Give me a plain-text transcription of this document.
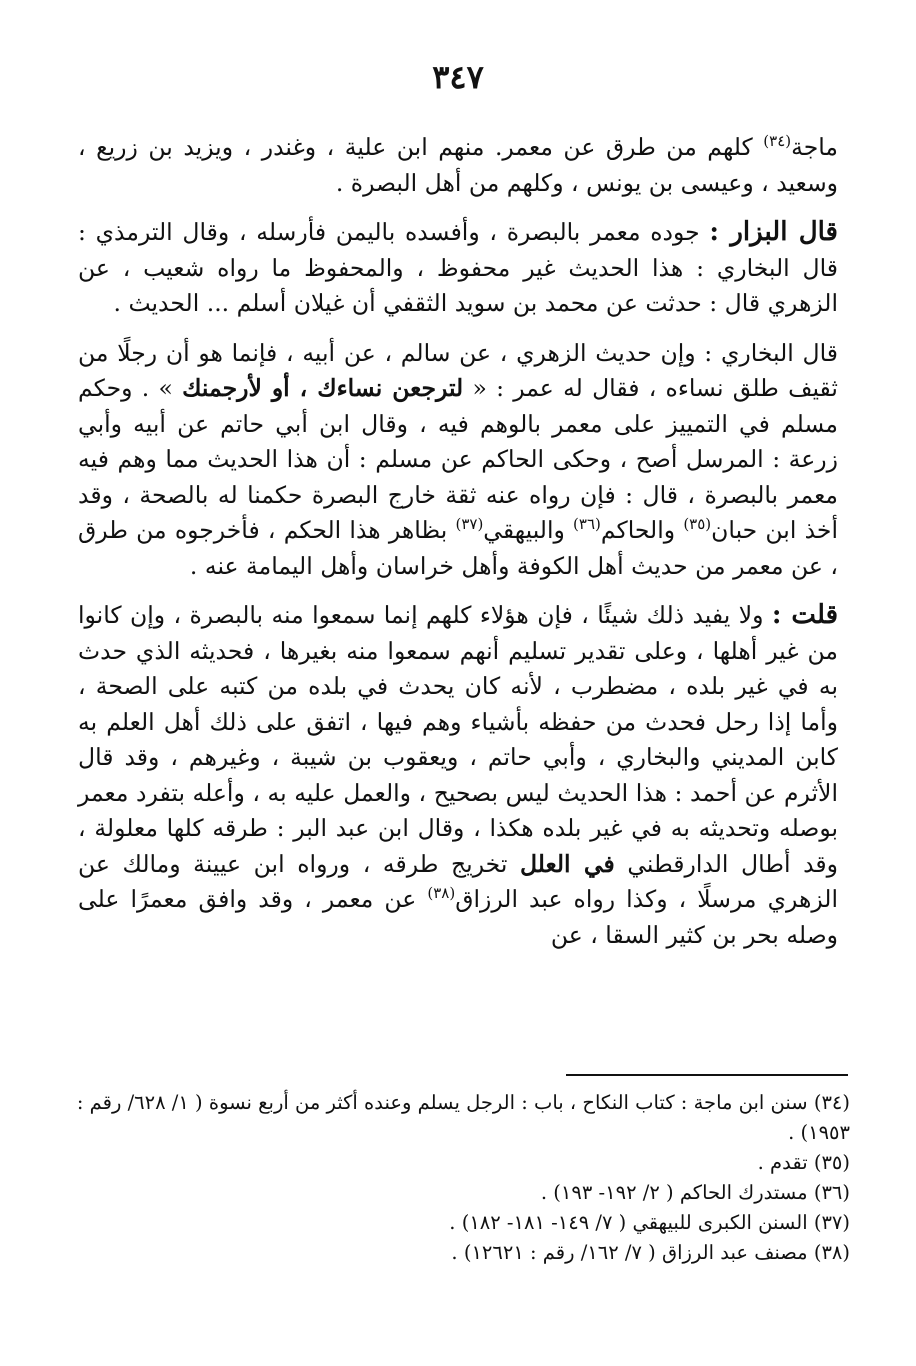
٣٤٧

ماجة$^{(٣٤)}$ كلهم من طرق عن معمر. منهم ابن علية ، وغندر ، ويزيد بن زريع ، وسعيد ، وعيسى بن يونس ، وكلهم من أهل البصرة .

قال البزار : جوده معمر بالبصرة ، وأفسده باليمن فأرسله ، وقال الترمذي : قال البخاري : هذا الحديث غير محفوظ ، والمحفوظ ما رواه شعيب ، عن الزهري قال : حدثت عن محمد بن سويد الثقفي أن غيلان أسلم ... الحديث .

قال البخاري : وإن حديث الزهري ، عن سالم ، عن أبيه ، فإنما هو أن رجلًا من ثقيف طلق نساءه ، فقال له عمر : « لترجعن نساءك ، أو لأرجمنك » . وحكم مسلم في التمييز على معمر بالوهم فيه ، وقال ابن أبي حاتم عن أبيه وأبي زرعة : المرسل أصح ، وحكى الحاكم عن مسلم : أن هذا الحديث مما وهم فيه معمر بالبصرة ، قال : فإن رواه عنه ثقة خارج البصرة حكمنا له بالصحة ، وقد أخذ ابن حبان$^{(٣٥)}$ والحاكم$^{(٣٦)}$ والبيهقي$^{(٣٧)}$ بظاهر هذا الحكم ، فأخرجوه من طرق ، عن معمر من حديث أهل الكوفة وأهل خراسان وأهل اليمامة عنه .

قلت : ولا يفيد ذلك شيئًا ، فإن هؤلاء كلهم إنما سمعوا منه بالبصرة ، وإن كانوا من غير أهلها ، وعلى تقدير تسليم أنهم سمعوا منه بغيرها ، فحديثه الذي حدث به في غير بلده ، مضطرب ، لأنه كان يحدث في بلده من كتبه على الصحة ، وأما إذا رحل فحدث من حفظه بأشياء وهم فيها ، اتفق على ذلك أهل العلم به كابن المديني والبخاري ، وأبي حاتم ، ويعقوب بن شيبة ، وغيرهم ، وقد قال الأثرم عن أحمد : هذا الحديث ليس بصحيح ، والعمل عليه به ، وأعله بتفرد معمر بوصله وتحديثه به في غير بلده هكذا ، وقال ابن عبد البر : طرقه كلها معلولة ، وقد أطال الدارقطني في العلل تخريج طرقه ، ورواه ابن عيينة ومالك عن الزهري مرسلًا ، وكذا رواه عبد الرزاق$^{(٣٨)}$ عن معمر ، وقد وافق معمرًا على وصله بحر بن كثير السقا ، عن

(٣٤) سنن ابن ماجة : كتاب النكاح ، باب : الرجل يسلم وعنده أكثر من أربع نسوة ( ١/ ٦٢٨/ رقم : ١٩٥٣) .
(٣٥) تقدم .
(٣٦) مستدرك الحاكم ( ٢/ ١٩٢- ١٩٣) .
(٣٧) السنن الكبرى للبيهقي ( ٧/ ١٤٩- ١٨١- ١٨٢) .
(٣٨) مصنف عبد الرزاق ( ٧/ ١٦٢/ رقم : ١٢٦٢١) .
